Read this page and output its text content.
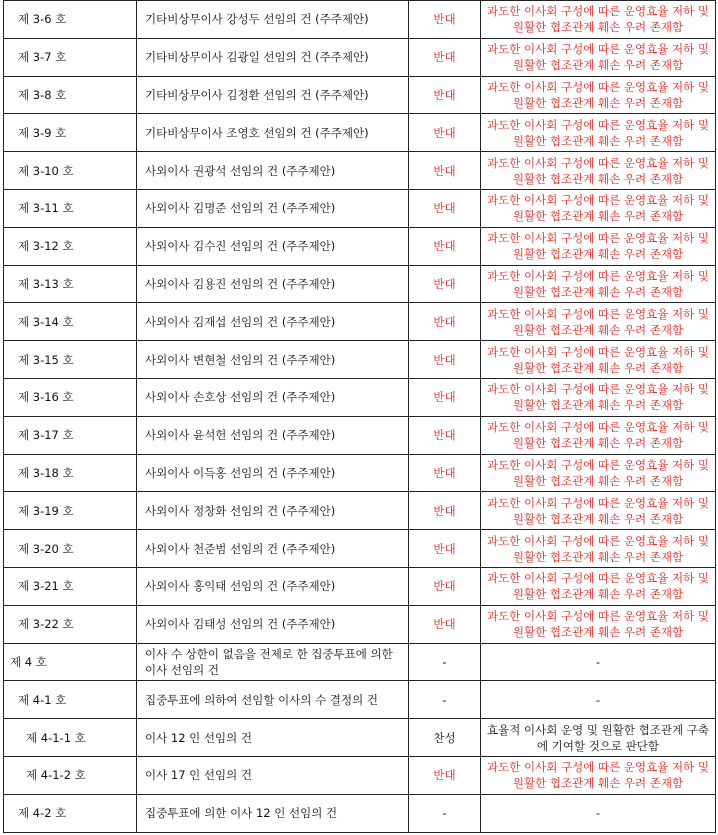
제 3-6 호	기타비상무이사 강성두 선임의 건 (주주제안)	반대	과도한 이사회 구성에 따른 운영효율 저하 및 원활한 협조관계 훼손 우려 존재함
제 3-7 호	기타비상무이사 김광일 선임의 건 (주주제안)	반대	과도한 이사회 구성에 따른 운영효율 저하 및 원활한 협조관계 훼손 우려 존재함
제 3-8 호	기타비상무이사 김정환 선임의 건 (주주제안)	반대	과도한 이사회 구성에 따른 운영효율 저하 및 원활한 협조관계 훼손 우려 존재함
제 3-9 호	기타비상무이사 조영호 선임의 건 (주주제안)	반대	과도한 이사회 구성에 따른 운영효율 저하 및 원활한 협조관계 훼손 우려 존재함
제 3-10 호	사외이사 권광석 선임의 건 (주주제안)	반대	과도한 이사회 구성에 따른 운영효율 저하 및 원활한 협조관계 훼손 우려 존재함
제 3-11 호	사외이사 김명준 선임의 건 (주주제안)	반대	과도한 이사회 구성에 따른 운영효율 저하 및 원활한 협조관계 훼손 우려 존재함
제 3-12 호	사외이사 김수진 선임의 건 (주주제안)	반대	과도한 이사회 구성에 따른 운영효율 저하 및 원활한 협조관계 훼손 우려 존재함
제 3-13 호	사외이사 김용진 선임의 건 (주주제안)	반대	과도한 이사회 구성에 따른 운영효율 저하 및 원활한 협조관계 훼손 우려 존재함
제 3-14 호	사외이사 김재섭 선임의 건 (주주제안)	반대	과도한 이사회 구성에 따른 운영효율 저하 및 원활한 협조관계 훼손 우려 존재함
제 3-15 호	사외이사 변현철 선임의 건 (주주제안)	반대	과도한 이사회 구성에 따른 운영효율 저하 및 원활한 협조관계 훼손 우려 존재함
제 3-16 호	사외이사 손호상 선임의 건 (주주제안)	반대	과도한 이사회 구성에 따른 운영효율 저하 및 원활한 협조관계 훼손 우려 존재함
제 3-17 호	사외이사 윤석헌 선임의 건 (주주제안)	반대	과도한 이사회 구성에 따른 운영효율 저하 및 원활한 협조관계 훼손 우려 존재함
제 3-18 호	사외이사 이득홍 선임의 건 (주주제안)	반대	과도한 이사회 구성에 따른 운영효율 저하 및 원활한 협조관계 훼손 우려 존재함
제 3-19 호	사외이사 정창화 선임의 건 (주주제안)	반대	과도한 이사회 구성에 따른 운영효율 저하 및 원활한 협조관계 훼손 우려 존재함
제 3-20 호	사외이사 천준범 선임의 건 (주주제안)	반대	과도한 이사회 구성에 따른 운영효율 저하 및 원활한 협조관계 훼손 우려 존재함
제 3-21 호	사외이사 홍익태 선임의 건 (주주제안)	반대	과도한 이사회 구성에 따른 운영효율 저하 및 원활한 협조관계 훼손 우려 존재함
제 3-22 호	사외이사 김태성 선임의 건 (주주제안)	반대	과도한 이사회 구성에 따른 운영효율 저하 및 원활한 협조관계 훼손 우려 존재함
제 4 호	이사 수 상한이 없음을 전제로 한 집중투표에 의한 이사 선임의 건	-	-
제 4-1 호	집중투표에 의하여 선임할 이사의 수 결정의 건	-	-
제 4-1-1 호	이사 12 인 선임의 건	찬성	효율적 이사회 운영 및 원활한 협조관계 구축에 기여할 것으로 판단함
제 4-1-2 호	이사 17 인 선임의 건	반대	과도한 이사회 구성에 따른 운영효율 저하 및 원활한 협조관계 훼손 우려 존재함
제 4-2 호	집중투표에 의한 이사 12 인 선임의 건	-	-
